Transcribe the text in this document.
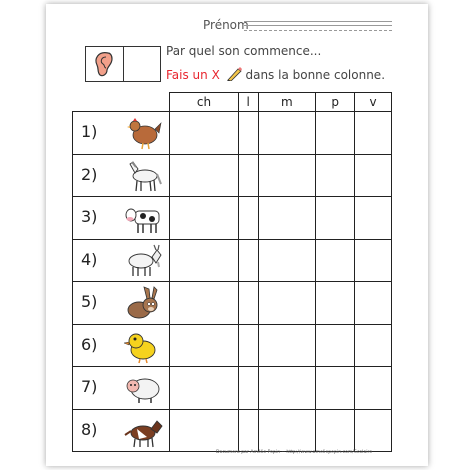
Prénom
Par quel son commence...
Fais un X dans la bonne colonne.
	ch	l	m	p	v

1)					

2)					

3)					

4)					

5)					

6)					

7)					

8)					

Document par Amélie Pepin -- http://www.ameliepepin.com/Scolaire
